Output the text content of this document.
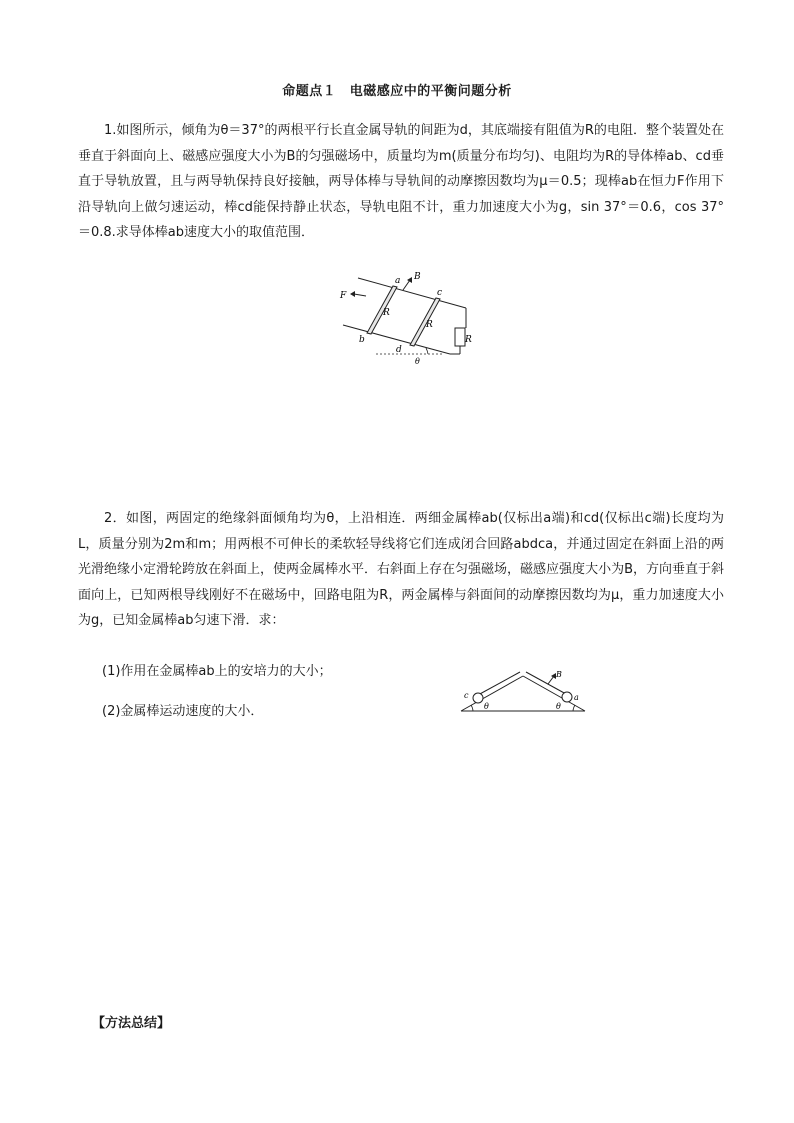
命题点１　电磁感应中的平衡问题分析

1.如图所示，倾角为θ＝37°的两根平行长直金属导轨的间距为d，其底端接有阻值为R的电阻．整个装置处在垂直于斜面向上、磁感应强度大小为B的匀强磁场中，质量均为m(质量分布均匀)、电阻均为R的导体棒ab、cd垂直于导轨放置，且与两导轨保持良好接触，两导体棒与导轨间的动摩擦因数均为μ＝0.5；现棒ab在恒力F作用下沿导轨向上做匀速运动，棒cd能保持静止状态，导轨电阻不计，重力加速度大小为g，sin 37°＝0.6，cos 37°＝0.8.求导体棒ab速度大小的取值范围．

a B
c
F
R
R
R
b
d
θ

2．如图，两固定的绝缘斜面倾角均为θ，上沿相连．两细金属棒ab(仅标出a端)和cd(仅标出c端)长度均为L，质量分别为2m和m；用两根不可伸长的柔软轻导线将它们连成闭合回路abdca，并通过固定在斜面上沿的两光滑绝缘小定滑轮跨放在斜面上，使两金属棒水平．右斜面上存在匀强磁场，磁感应强度大小为B，方向垂直于斜面向上，已知两根导线刚好不在磁场中，回路电阻为R，两金属棒与斜面间的动摩擦因数均为μ，重力加速度大小为g，已知金属棒ab匀速下滑．求：

(1)作用在金属棒ab上的安培力的大小；
(2)金属棒运动速度的大小．
c	a
B
θ	θ
【方法总结】
